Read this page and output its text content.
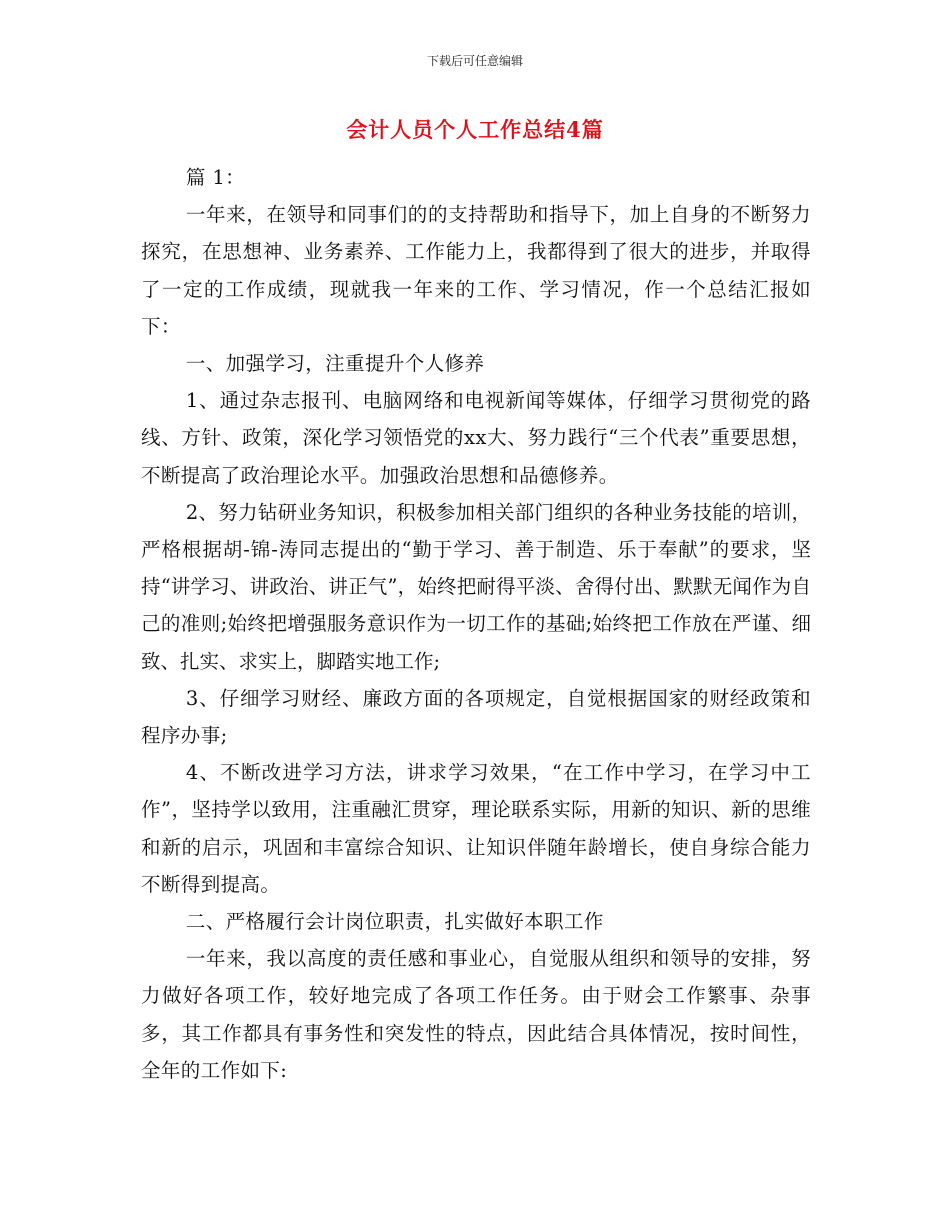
下载后可任意编辑
会计人员个人工作总结4篇

篇 1：

一年来，在领导和同事们的的支持帮助和指导下，加上自身的不断努力探究，在思想神、业务素养、工作能力上，我都得到了很大的进步，并取得了一定的工作成绩，现就我一年来的工作、学习情况，作一个总结汇报如下：

一、加强学习，注重提升个人修养

1、通过杂志报刊、电脑网络和电视新闻等媒体，仔细学习贯彻党的路线、方针、政策，深化学习领悟党的xx大、努力践行“三个代表”重要思想，不断提高了政治理论水平。加强政治思想和品德修养。

2、努力钻研业务知识，积极参加相关部门组织的各种业务技能的培训，严格根据胡-锦-涛同志提出的“勤于学习、善于制造、乐于奉献”的要求，坚持“讲学习、讲政治、讲正气”，始终把耐得平淡、舍得付出、默默无闻作为自己的准则;始终把增强服务意识作为一切工作的基础;始终把工作放在严谨、细致、扎实、求实上，脚踏实地工作;

3、仔细学习财经、廉政方面的各项规定，自觉根据国家的财经政策和程序办事;

4、不断改进学习方法，讲求学习效果，“在工作中学习，在学习中工作”，坚持学以致用，注重融汇贯穿，理论联系实际，用新的知识、新的思维和新的启示，巩固和丰富综合知识、让知识伴随年龄增长，使自身综合能力不断得到提高。

二、严格履行会计岗位职责，扎实做好本职工作

一年来，我以高度的责任感和事业心，自觉服从组织和领导的安排，努力做好各项工作，较好地完成了各项工作任务。由于财会工作繁事、杂事多，其工作都具有事务性和突发性的特点，因此结合具体情况，按时间性，全年的工作如下:
